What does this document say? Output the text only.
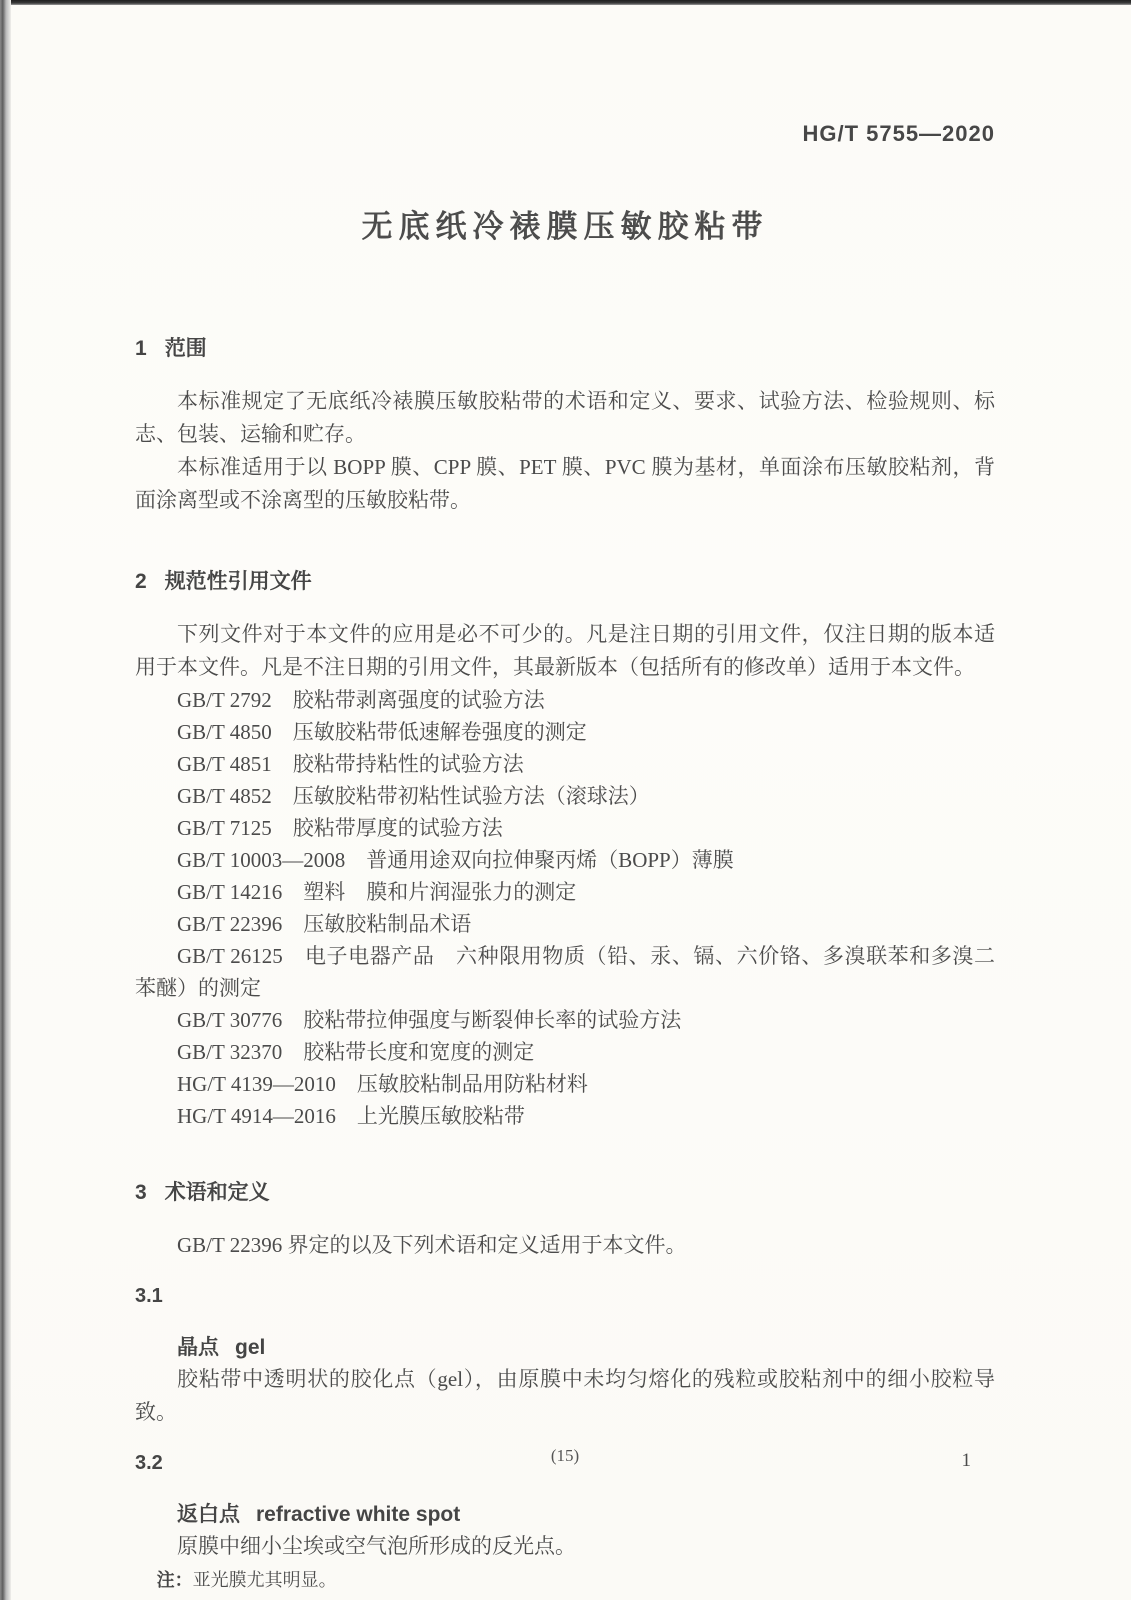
HG/T 5755—2020
无底纸冷裱膜压敏胶粘带
1 范围

本标准规定了无底纸冷裱膜压敏胶粘带的术语和定义、要求、试验方法、检验规则、标志、包装、运输和贮存。

本标准适用于以 BOPP 膜、CPP 膜、PET 膜、PVC 膜为基材，单面涂布压敏胶粘剂，背面涂离型或不涂离型的压敏胶粘带。

2 规范性引用文件

下列文件对于本文件的应用是必不可少的。凡是注日期的引用文件，仅注日期的版本适用于本文件。凡是不注日期的引用文件，其最新版本（包括所有的修改单）适用于本文件。

GB/T 2792　胶粘带剥离强度的试验方法

GB/T 4850　压敏胶粘带低速解卷强度的测定

GB/T 4851　胶粘带持粘性的试验方法

GB/T 4852　压敏胶粘带初粘性试验方法（滚球法）

GB/T 7125　胶粘带厚度的试验方法

GB/T 10003—2008　普通用途双向拉伸聚丙烯（BOPP）薄膜

GB/T 14216　塑料　膜和片润湿张力的测定

GB/T 22396　压敏胶粘制品术语

GB/T 26125　电子电器产品　六种限用物质（铅、汞、镉、六价铬、多溴联苯和多溴二苯醚）的测定

GB/T 30776　胶粘带拉伸强度与断裂伸长率的试验方法

GB/T 32370　胶粘带长度和宽度的测定

HG/T 4139—2010　压敏胶粘制品用防粘材料

HG/T 4914—2016　上光膜压敏胶粘带

3 术语和定义

GB/T 22396 界定的以及下列术语和定义适用于本文件。

3.1
晶点 gel

胶粘带中透明状的胶化点（gel），由原膜中未均匀熔化的残粒或胶粘剂中的细小胶粒导致。

3.2
返白点 refractive white spot

原膜中细小尘埃或空气泡所形成的反光点。

注：亚光膜尤其明显。
(15)	1
